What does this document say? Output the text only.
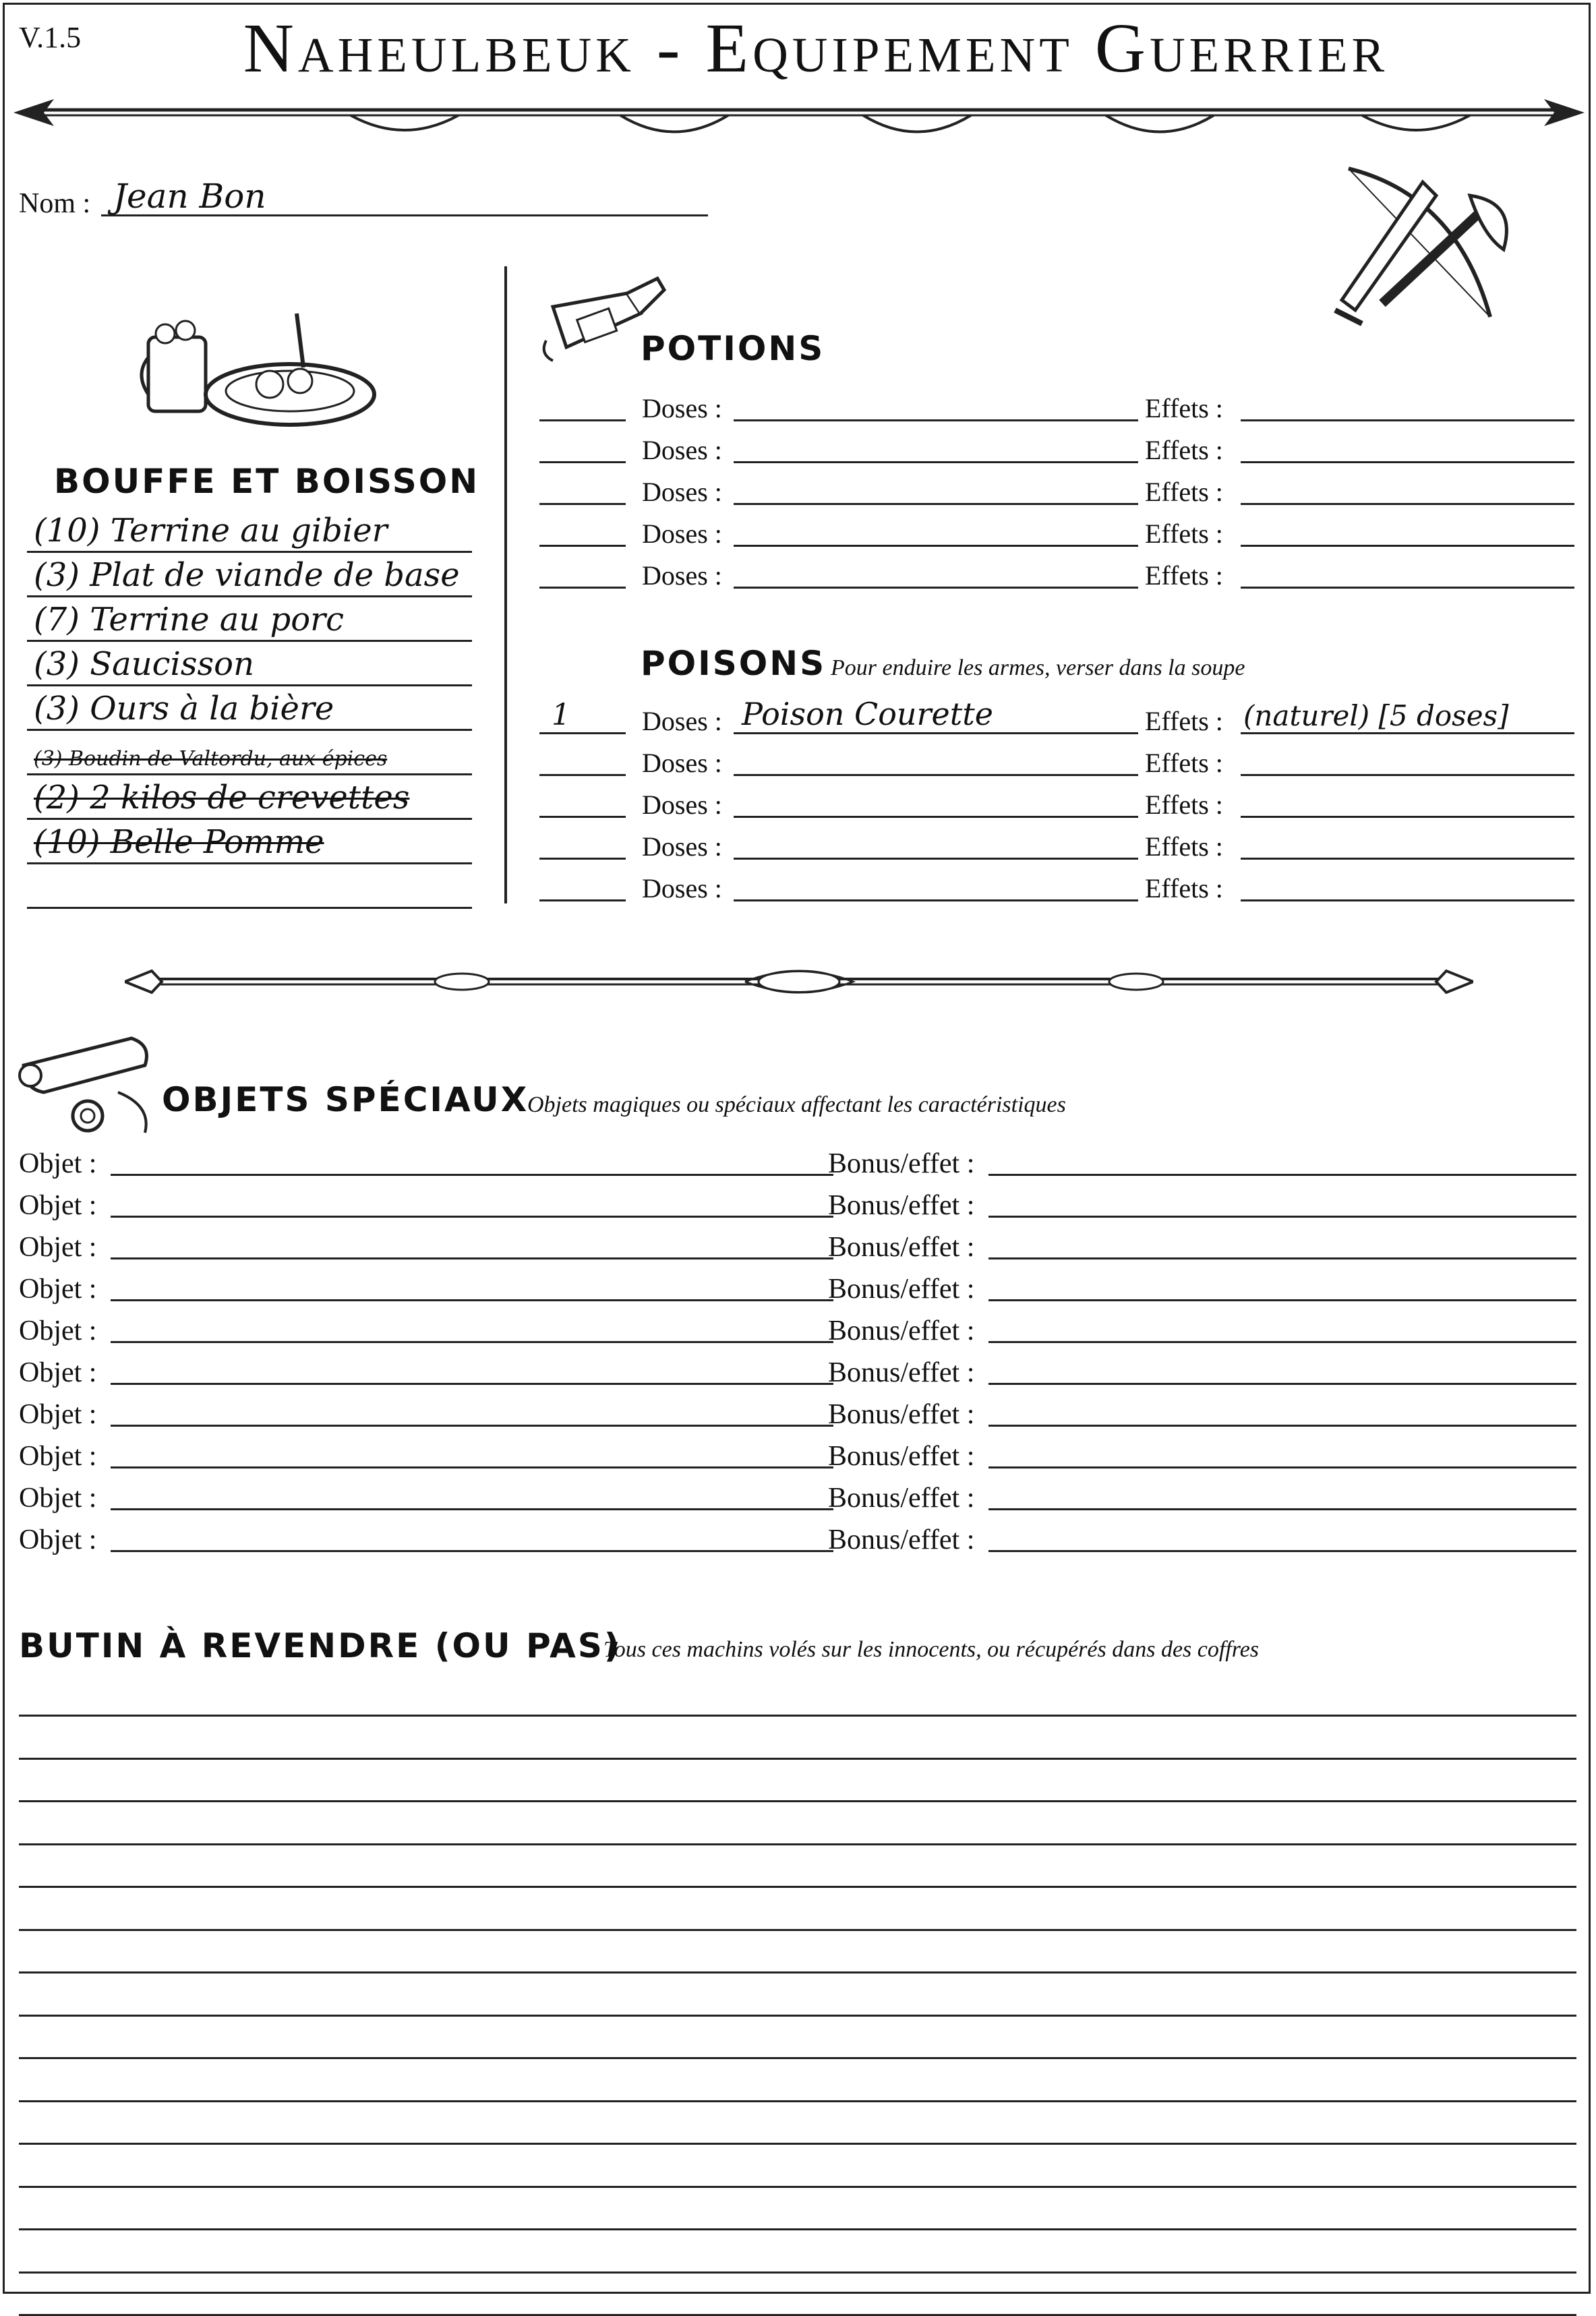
V.1.5	Naheulbeuk - Equipement Guerrier
Nom : Jean Bon
BOUFFE ET BOISSON
(10) Terrine au gibier
(3) Plat de viande de base
(7) Terrine au porc
(3) Saucisson
(3) Ours à la bière
(3) Boudin de Valtordu, aux épices
(2) 2 kilos de crevettes
(10) Belle Pomme
POTIONS
Doses :	Effets :
Doses :	Effets :
Doses :	Effets :
Doses :	Effets :
Doses :	Effets :
POISONS Pour enduire les armes, verser dans la soupe
1	Doses : Poison Courette	Effets : (naturel) [5 doses]
Doses :	Effets :
Doses :	Effets :
Doses :	Effets :
Doses :	Effets :
OBJETS SPÉCIAUX
Objets magiques ou spéciaux affectant les caractéristiques
Objet :	Bonus/effet :
Objet :	Bonus/effet :
Objet :	Bonus/effet :
Objet :	Bonus/effet :
Objet :	Bonus/effet :
Objet :	Bonus/effet :
Objet :	Bonus/effet :
Objet :	Bonus/effet :
Objet :	Bonus/effet :
Objet :	Bonus/effet :
BUTIN À REVENDRE (OU PAS)
Tous ces machins volés sur les innocents, ou récupérés dans des coffres
